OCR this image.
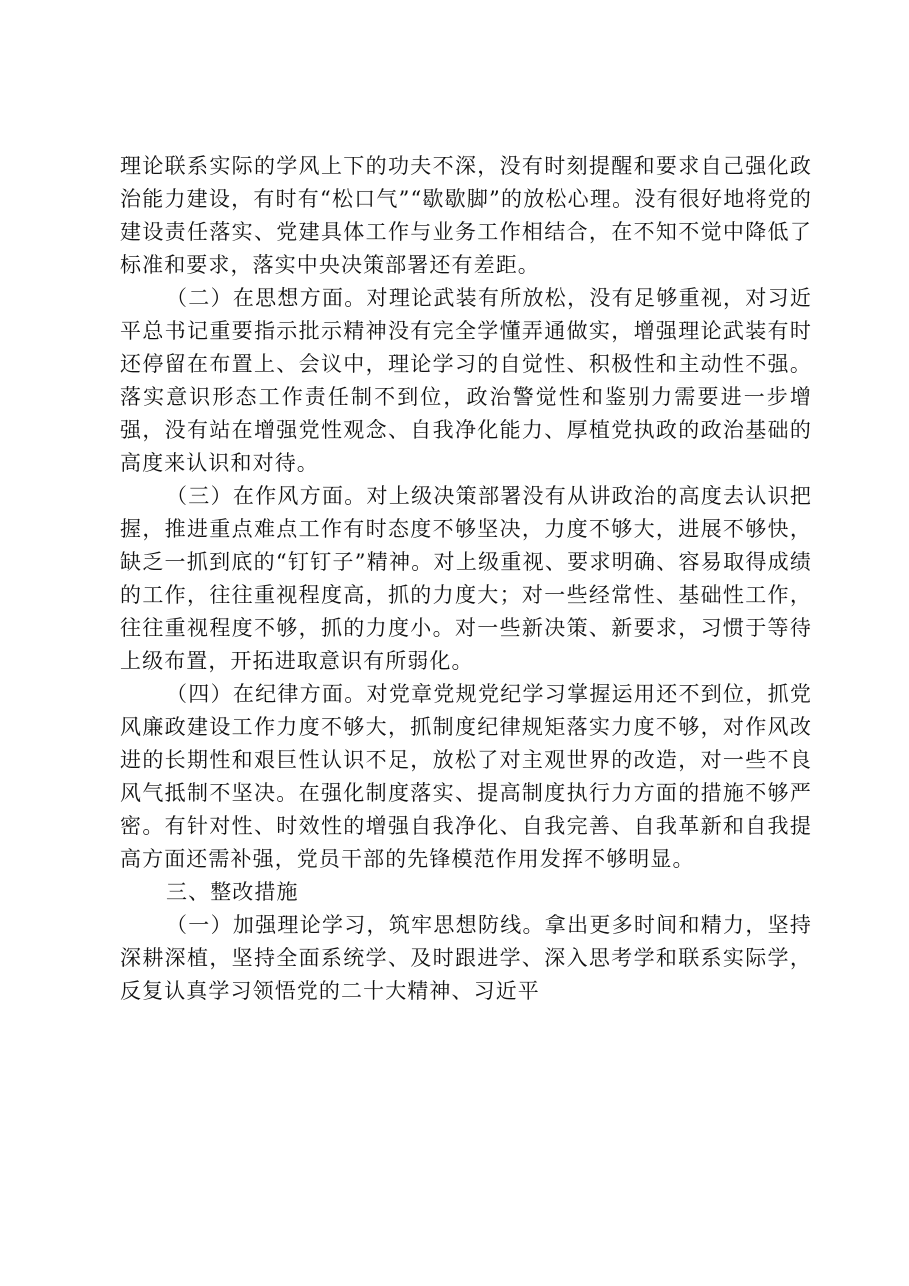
理论联系实际的学风上下的功夫不深，没有时刻提醒和要求自己强化政治能力建设，有时有“松口气”“歇歇脚”的放松心理。没有很好地将党的建设责任落实、党建具体工作与业务工作相结合，在不知不觉中降低了标准和要求，落实中央决策部署还有差距。

（二）在思想方面。对理论武装有所放松，没有足够重视，对习近平总书记重要指示批示精神没有完全学懂弄通做实，增强理论武装有时还停留在布置上、会议中，理论学习的自觉性、积极性和主动性不强。落实意识形态工作责任制不到位，政治警觉性和鉴别力需要进一步增强，没有站在增强党性观念、自我净化能力、厚植党执政的政治基础的高度来认识和对待。

（三）在作风方面。对上级决策部署没有从讲政治的高度去认识把握，推进重点难点工作有时态度不够坚决，力度不够大，进展不够快，缺乏一抓到底的“钉钉子”精神。对上级重视、要求明确、容易取得成绩的工作，往往重视程度高，抓的力度大；对一些经常性、基础性工作，往往重视程度不够，抓的力度小。对一些新决策、新要求，习惯于等待上级布置，开拓进取意识有所弱化。

（四）在纪律方面。对党章党规党纪学习掌握运用还不到位，抓党风廉政建设工作力度不够大，抓制度纪律规矩落实力度不够，对作风改进的长期性和艰巨性认识不足，放松了对主观世界的改造，对一些不良风气抵制不坚决。在强化制度落实、提高制度执行力方面的措施不够严密。有针对性、时效性的增强自我净化、自我完善、自我革新和自我提高方面还需补强，党员干部的先锋模范作用发挥不够明显。

三、整改措施

（一）加强理论学习，筑牢思想防线。拿出更多时间和精力，坚持深耕深植，坚持全面系统学、及时跟进学、深入思考学和联系实际学，反复认真学习领悟党的二十大精神、习近平
